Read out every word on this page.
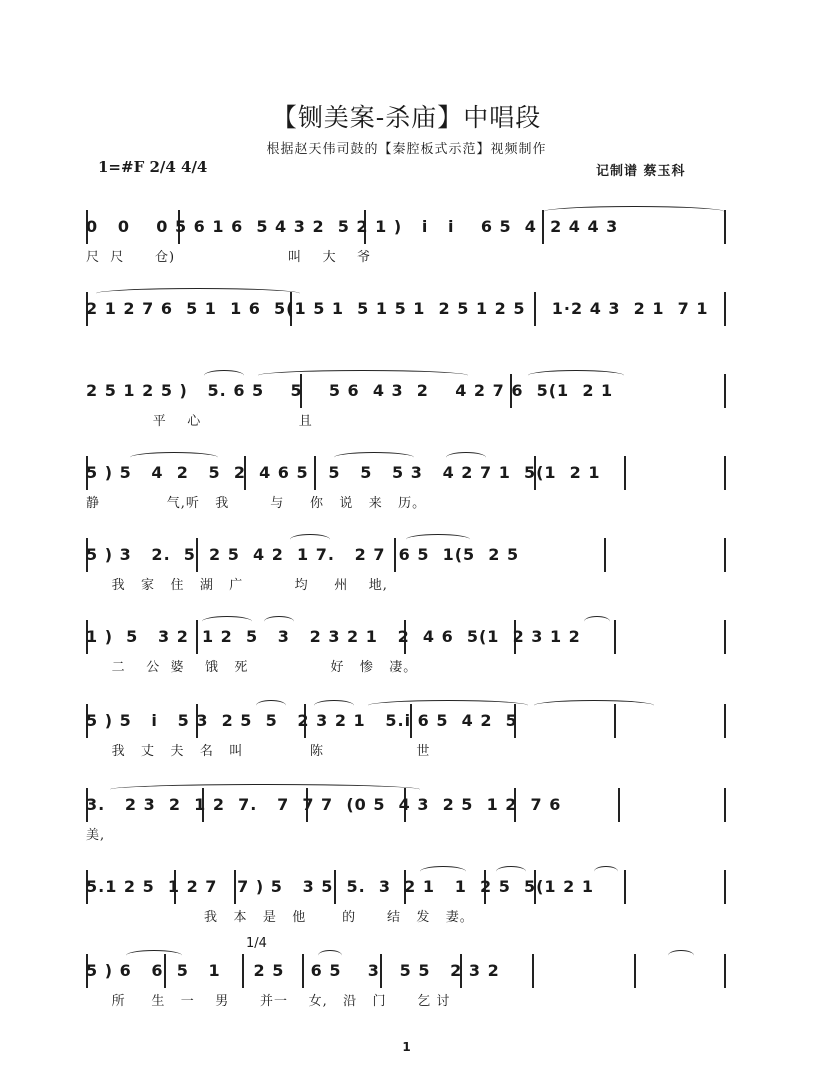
【铡美案-杀庙】中唱段
根据赵天伟司鼓的【秦腔板式示范】视频制作
1=#F 2/4 4/4	记制谱 蔡玉科
0   0    0 5 6 1 6  5 4 3 2  5 2 1 )   i   i    6 5  4  2 4 4 3
尺  尺      仓)                      叫    大    爷
2 1 2 7 6  5 1  1 6  5(1 5 1  5 1 5 1  2 5 1 2 5    1·2 4 3  2 1  7 1
2 5 1 2 5 )   5. 6 5    5    5 6  4 3  2    4 2 7 6  5(1  2 1
平    心                   且
5 ) 5   4  2   5  2  4 6 5   5   5   5 3   4 2 7 1  5(1  2 1
静             气,听   我        与     你   说   来   历。
5 ) 3   2.  5  2 5  4 2  1 7.   2 7  6 5  1(5  2 5
我   家   住   湖   广          均     州    地,
1 )  5   3 2  1 2  5   3   2 3 2 1   2  4 6  5(1  2 3 1 2
二    公  婆    饿   死                好   惨   凄。
5 ) 5   i   5 3  2 5  5   2 3 2 1   5.i 6 5  4 2  5
我   丈   夫   名   叫             陈                  世
3.   2 3  2  1 2  7.   7  7 7  (0 5  4 3  2 5  1 2  7 6
美,
5.1 2 5  1 2 7   7 ) 5   3 5  5.  3  2 1   1  2 5  5(1 2 1
我   本   是   他       的      结   发   妻。
5 ) 6   6  5   1     2 5    6 5    3   5 5   2 3 2
所     生   一    男      并一    女,   沿   门      乞 讨
1/4
1
